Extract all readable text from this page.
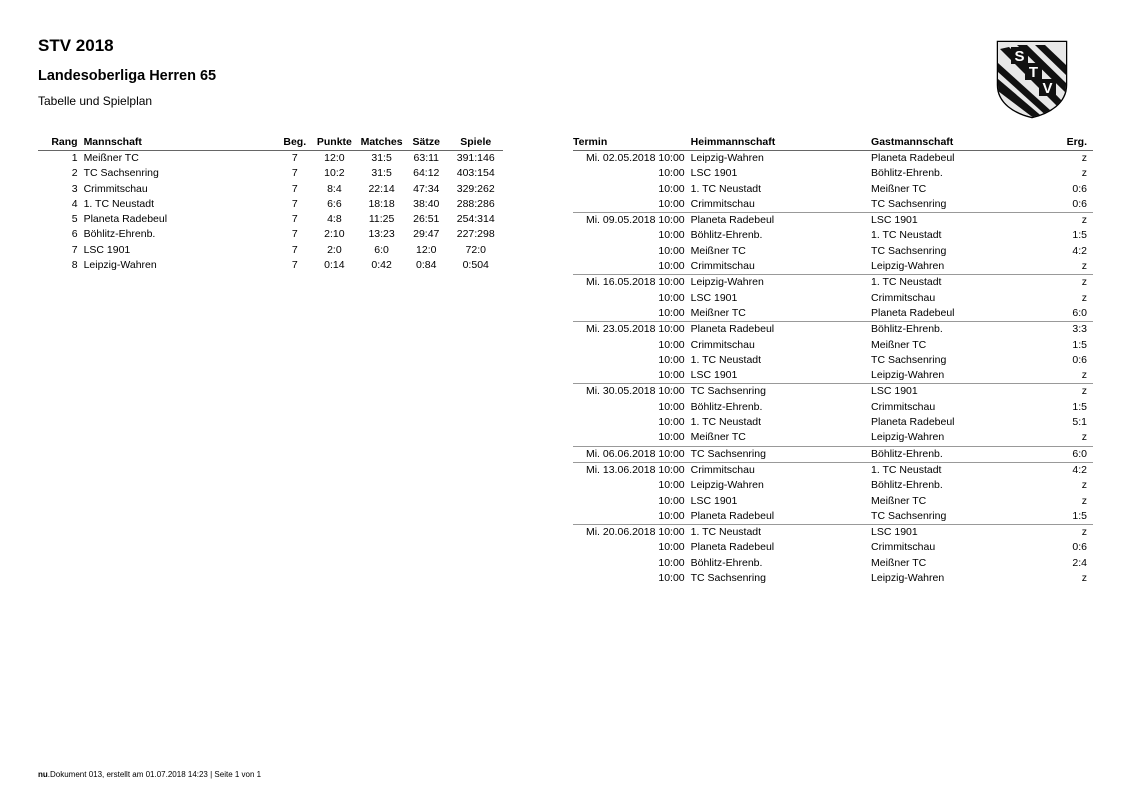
STV 2018
Landesoberliga Herren 65
Tabelle und Spielplan
S
T
V
Rang	Mannschaft	Beg.	Punkte	Matches	Sätze	Spiele
1	Meißner TC	7	12:0	31:5	63:11	391:146
2	TC Sachsenring	7	10:2	31:5	64:12	403:154
3	Crimmitschau	7	8:4	22:14	47:34	329:262
4	1. TC Neustadt	7	6:6	18:18	38:40	288:286
5	Planeta Radebeul	7	4:8	11:25	26:51	254:314
6	Böhlitz-Ehrenb.	7	2:10	13:23	29:47	227:298
7	LSC 1901	7	2:0	6:0	12:0	72:0
8	Leipzig-Wahren	7	0:14	0:42	0:84	0:504
Termin	Heimmannschaft	Gastmannschaft	Erg.
Mi. 02.05.2018 10:00	Leipzig-Wahren	Planeta Radebeul	z
10:00	LSC 1901	Böhlitz-Ehrenb.	z
10:00	1. TC Neustadt	Meißner TC	0:6
10:00	Crimmitschau	TC Sachsenring	0:6
Mi. 09.05.2018 10:00	Planeta Radebeul	LSC 1901	z
10:00	Böhlitz-Ehrenb.	1. TC Neustadt	1:5
10:00	Meißner TC	TC Sachsenring	4:2
10:00	Crimmitschau	Leipzig-Wahren	z
Mi. 16.05.2018 10:00	Leipzig-Wahren	1. TC Neustadt	z
10:00	LSC 1901	Crimmitschau	z
10:00	Meißner TC	Planeta Radebeul	6:0
Mi. 23.05.2018 10:00	Planeta Radebeul	Böhlitz-Ehrenb.	3:3
10:00	Crimmitschau	Meißner TC	1:5
10:00	1. TC Neustadt	TC Sachsenring	0:6
10:00	LSC 1901	Leipzig-Wahren	z
Mi. 30.05.2018 10:00	TC Sachsenring	LSC 1901	z
10:00	Böhlitz-Ehrenb.	Crimmitschau	1:5
10:00	1. TC Neustadt	Planeta Radebeul	5:1
10:00	Meißner TC	Leipzig-Wahren	z
Mi. 06.06.2018 10:00	TC Sachsenring	Böhlitz-Ehrenb.	6:0
Mi. 13.06.2018 10:00	Crimmitschau	1. TC Neustadt	4:2
10:00	Leipzig-Wahren	Böhlitz-Ehrenb.	z
10:00	LSC 1901	Meißner TC	z
10:00	Planeta Radebeul	TC Sachsenring	1:5
Mi. 20.06.2018 10:00	1. TC Neustadt	LSC 1901	z
10:00	Planeta Radebeul	Crimmitschau	0:6
10:00	Böhlitz-Ehrenb.	Meißner TC	2:4
10:00	TC Sachsenring	Leipzig-Wahren	z
nu.Dokument 013, erstellt am 01.07.2018 14:23 | Seite 1 von 1
